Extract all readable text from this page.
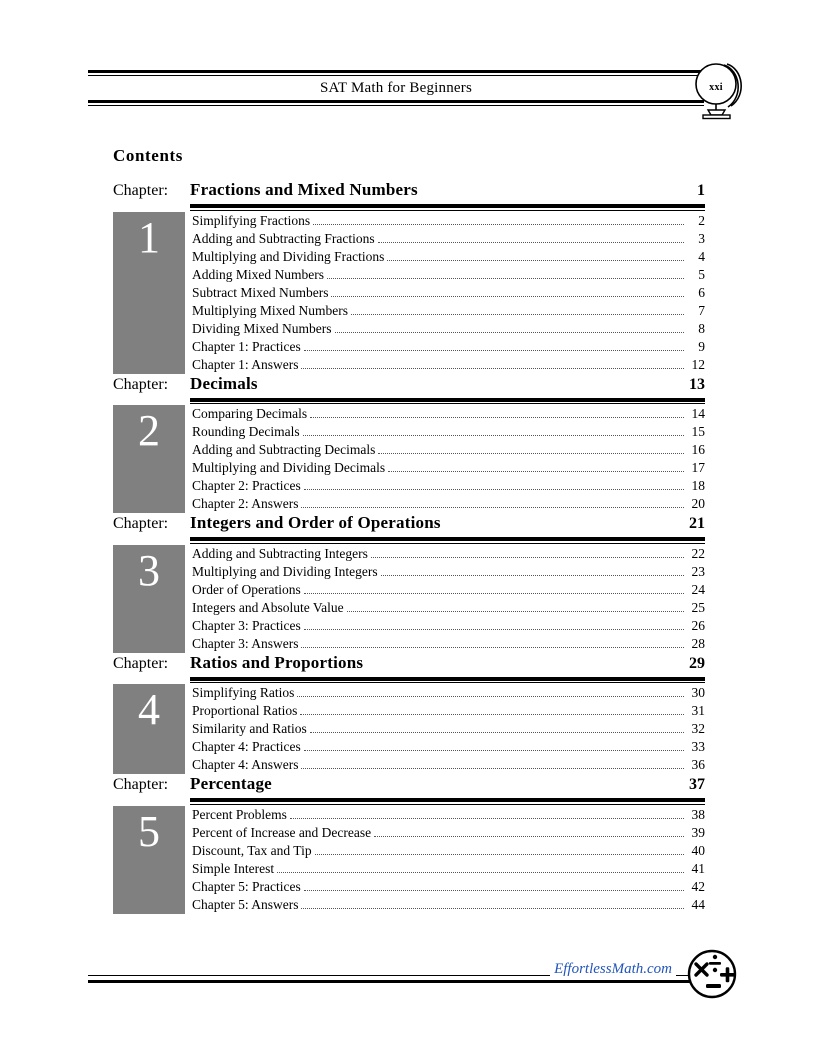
SAT Math for Beginners	xxi
Contents
Chapter:	Fractions and Mixed Numbers	1
1	Simplifying Fractions	2
Adding and Subtracting Fractions	3
Multiplying and Dividing Fractions	4
Adding Mixed Numbers	5
Subtract Mixed Numbers	6
Multiplying Mixed Numbers	7
Dividing Mixed Numbers	8
Chapter 1: Practices	9
Chapter 1: Answers	12
Chapter:	Decimals	13
2	Comparing Decimals	14
Rounding Decimals	15
Adding and Subtracting Decimals	16
Multiplying and Dividing Decimals	17
Chapter 2: Practices	18
Chapter 2: Answers	20
Chapter:	Integers and Order of Operations	21
3	Adding and Subtracting Integers	22
Multiplying and Dividing Integers	23
Order of Operations	24
Integers and Absolute Value	25
Chapter 3: Practices	26
Chapter 3: Answers	28
Chapter:	Ratios and Proportions	29
4	Simplifying Ratios	30
Proportional Ratios	31
Similarity and Ratios	32
Chapter 4: Practices	33
Chapter 4: Answers	36
Chapter:	Percentage	37
5	Percent Problems	38
Percent of Increase and Decrease	39
Discount, Tax and Tip	40
Simple Interest	41
Chapter 5: Practices	42
Chapter 5: Answers	44
EffortlessMath.com
